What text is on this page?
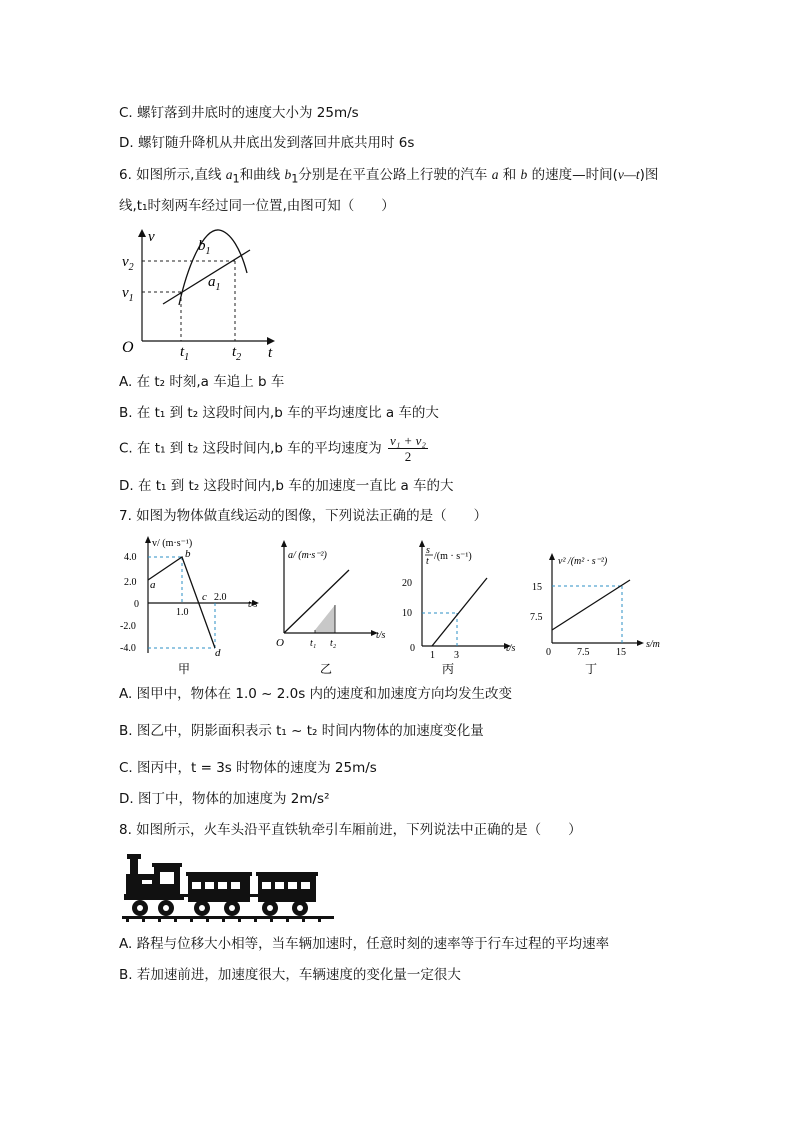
C. 螺钉落到井底时的速度大小为 25m/s
D. 螺钉随升降机从井底出发到落回井底共用时 6s
6. 如图所示,直线 $a_1$和曲线 $b_1$分别是在平直公路上行驶的汽车 a 和 b 的速度—时间(v—t)图
线,t₁时刻两车经过同一位置,由图可知（　　）
v
$b_1$
$v_2$
$v_1$
$a_1$
O	$t_1$	$t_2$ t
A. 在 t₂ 时刻,a 车追上 b 车
B. 在 t₁ 到 t₂ 这段时间内,b 车的平均速度比 a 车的大
C. 在 t₁ 到 t₂ 这段时间内,b 车的平均速度为 $\frac{\text{v₁ + v₂}}{2}$
D. 在 t₁ 到 t₂ 这段时间内,b 车的加速度一直比 a 车的大
7. 如图为物体做直线运动的图像，下列说法正确的是（　　）
v/ (m·s⁻¹)
4.0
2.0
0
-2.0
-4.0
1.0
2.0
t/s
a
b
c
d
甲
a/ (m·s⁻²)
O	t₁ t₂
t/s
乙
s
t /(m · s⁻¹)
20
10
0
1 3
t/s
丙
v² /(m² · s⁻²)
15
7.5
0	7.5	15
s/m
丁
A. 图甲中，物体在 1.0 ~ 2.0s 内的速度和加速度方向均发生改变
B. 图乙中，阴影面积表示 t₁ ~ t₂ 时间内物体的加速度变化量
C. 图丙中，t = 3s 时物体的速度为 25m/s
D. 图丁中，物体的加速度为 2m/s²
8. 如图所示，火车头沿平直铁轨牵引车厢前进，下列说法中正确的是（　　）
A. 路程与位移大小相等，当车辆加速时，任意时刻的速率等于行车过程的平均速率
B. 若加速前进，加速度很大，车辆速度的变化量一定很大
